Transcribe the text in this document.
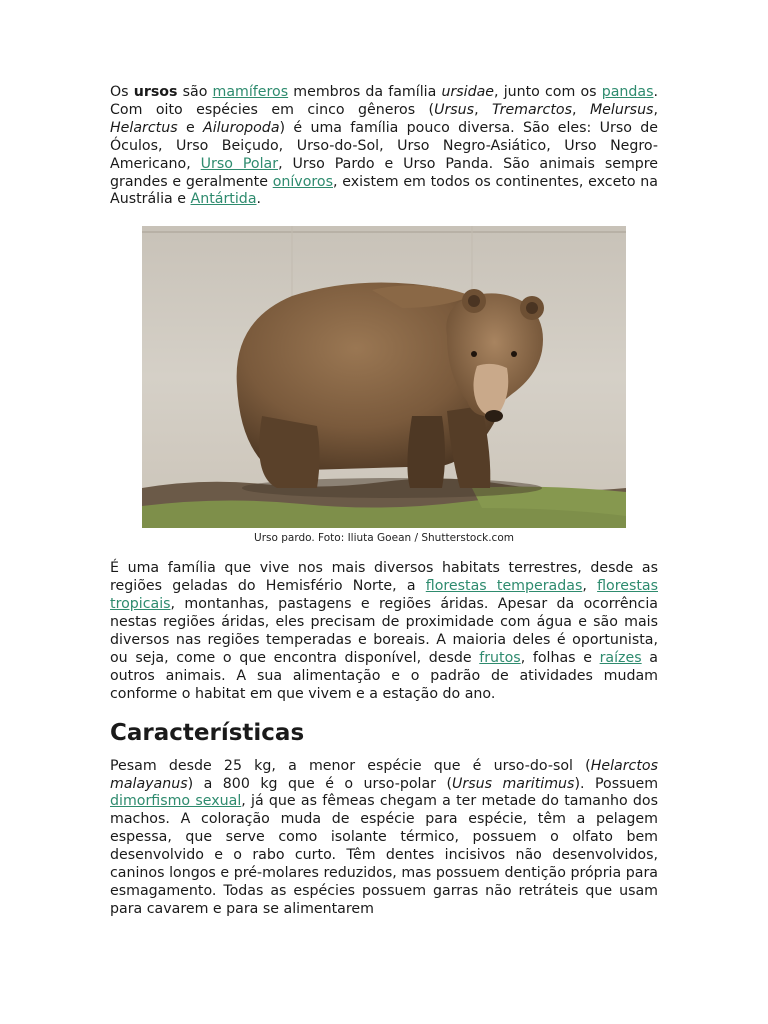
Os ursos são mamíferos membros da família ursidae, junto com os pandas. Com oito espécies em cinco gêneros (Ursus, Tremarctos, Melursus, Helarctus e Ailuropoda) é uma família pouco diversa. São eles: Urso de Óculos, Urso Beiçudo, Urso-do-Sol, Urso Negro-Asiático, Urso Negro-Americano, Urso Polar, Urso Pardo e Urso Panda. São animais sempre grandes e geralmente onívoros, existem em todos os continentes, exceto na Austrália e Antártida.

Urso pardo. Foto: Iliuta Goean / Shutterstock.com

É uma família que vive nos mais diversos habitats terrestres, desde as regiões geladas do Hemisfério Norte, a florestas temperadas, florestas tropicais, montanhas, pastagens e regiões áridas. Apesar da ocorrência nestas regiões áridas, eles precisam de proximidade com água e são mais diversos nas regiões temperadas e boreais. A maioria deles é oportunista, ou seja, come o que encontra disponível, desde frutos, folhas e raízes a outros animais. A sua alimentação e o padrão de atividades mudam conforme o habitat em que vivem e a estação do ano.

Características

Pesam desde 25 kg, a menor espécie que é urso-do-sol (Helarctos malayanus) a 800 kg que é o urso-polar (Ursus maritimus). Possuem dimorfismo sexual, já que as fêmeas chegam a ter metade do tamanho dos machos. A coloração muda de espécie para espécie, têm a pelagem espessa, que serve como isolante térmico, possuem o olfato bem desenvolvido e o rabo curto. Têm dentes incisivos não desenvolvidos, caninos longos e pré-molares reduzidos, mas possuem dentição própria para esmagamento. Todas as espécies possuem garras não retráteis que usam para cavarem e para se alimentarem
